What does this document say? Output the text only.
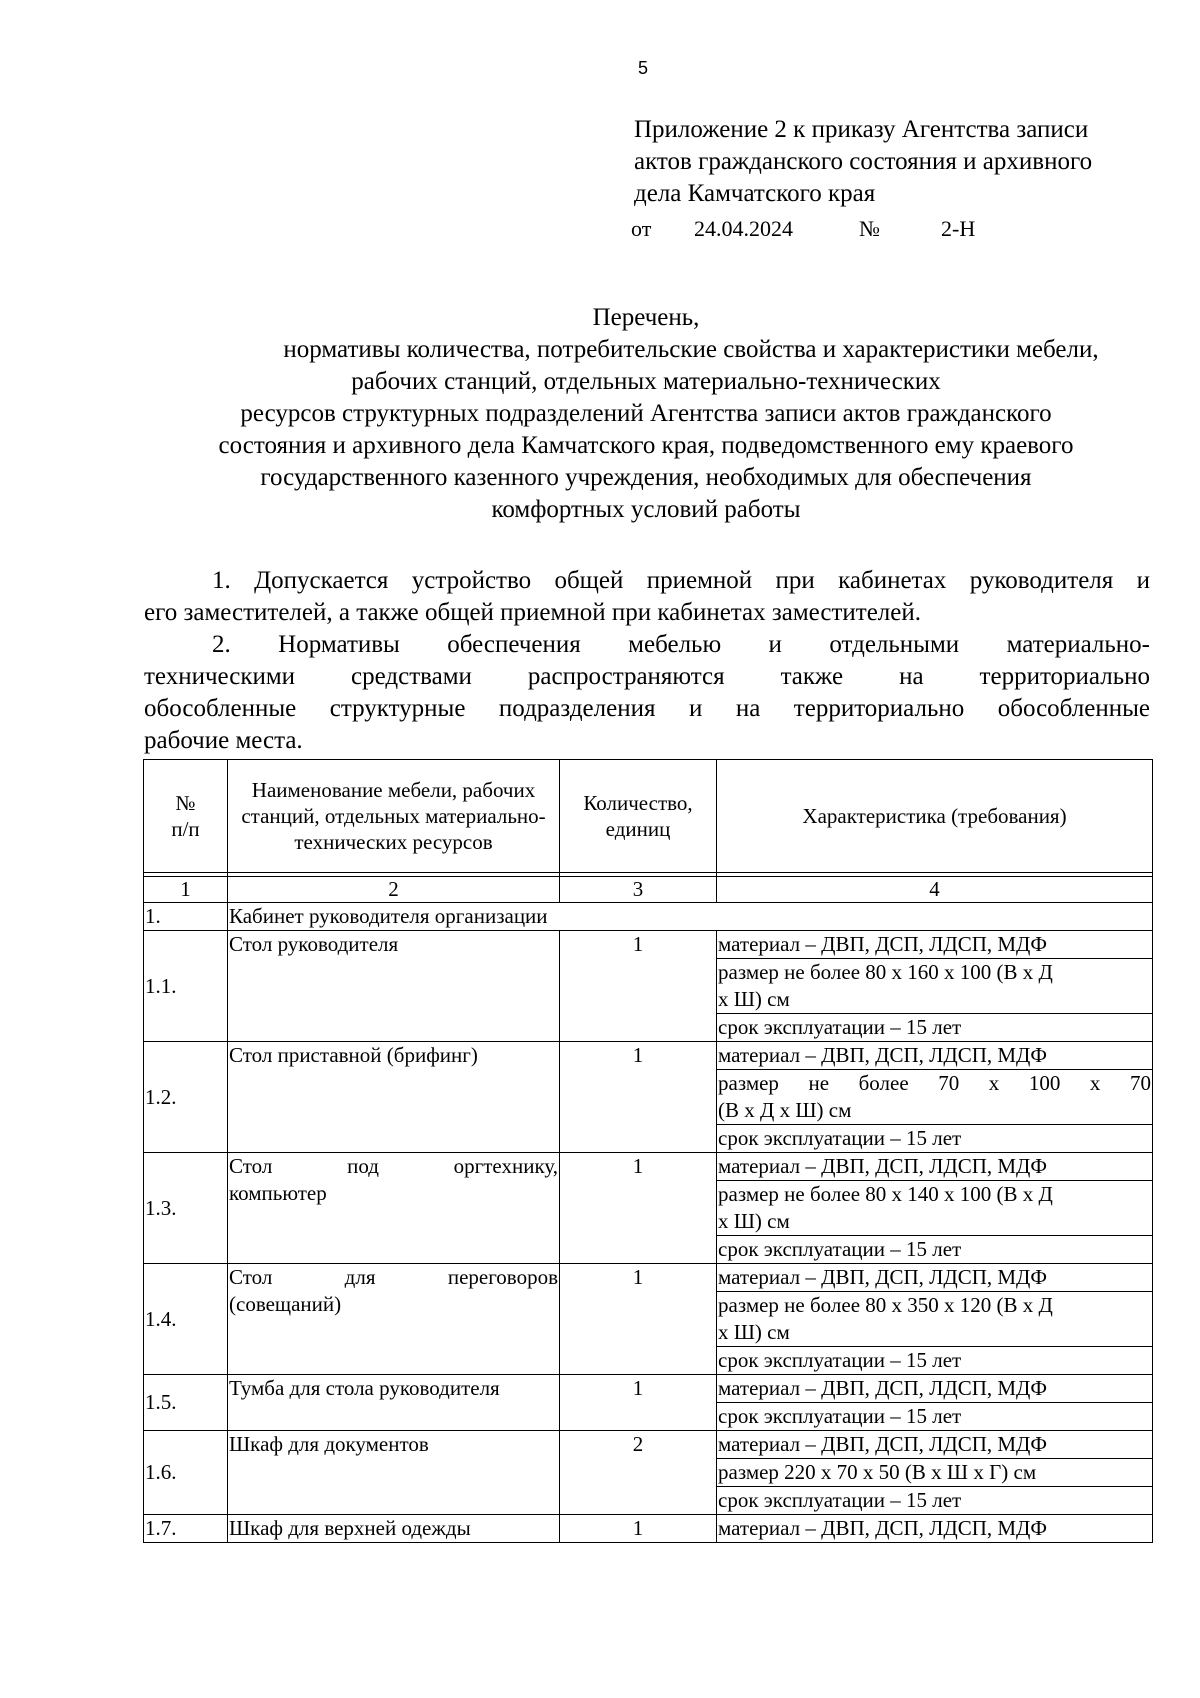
5
Приложение 2 к приказу Агентства записи
актов гражданского состояния и архивного
дела Камчатского края
от 24.04.2024	№	2-Н
Перечень,
нормативы количества, потребительские свойства и характеристики мебели,
рабочих станций, отдельных материально-технических
ресурсов структурных подразделений Агентства записи актов гражданского
состояния и архивного дела Камчатского края, подведомственного ему краевого
государственного казенного учреждения, необходимых для обеспечения
комфортных условий работы
1. Допускается устройство общей приемной при кабинетах руководителя и
его заместителей, а также общей приемной при кабинетах заместителей.
2. Нормативы обеспечения мебелью и отдельными материально-
техническими средствами распространяются также на территориально
обособленные структурные подразделения и на территориально обособленные
рабочие места.
№
п/п	Наименование мебели, рабочих станций, отдельных материально-технических ресурсов	Количество, единиц	Характеристика (требования)

1	2	3	4
1.	Кабинет руководителя организации		
1.1.	Стол руководителя	1	материал – ДВП, ДСП, ЛДСП, МДФ
			размер не более 80 х 160 х 100 (В х Д х Ш) см
			срок эксплуатации – 15 лет
1.2.	Стол приставной (брифинг)	1	материал – ДВП, ДСП, ЛДСП, МДФ

			размер не более 70 х 100 х 70
(В х Д х Ш) см

			срок эксплуатации – 15 лет
1.3.	Стол под оргтехнику,
компьютер	1	материал – ДВП, ДСП, ЛДСП, МДФ
			размер не более 80 х 140 х 100 (В х Д х Ш) см
			срок эксплуатации – 15 лет
1.4.	Стол для переговоров
(совещаний)	1	материал – ДВП, ДСП, ЛДСП, МДФ
			размер не более 80 х 350 х 120 (В х Д х Ш) см
			срок эксплуатации – 15 лет
1.5.	Тумба для стола руководителя	1	материал – ДВП, ДСП, ЛДСП, МДФ
			срок эксплуатации – 15 лет
1.6.	Шкаф для документов	2	материал – ДВП, ДСП, ЛДСП, МДФ
			размер 220 х 70 х 50 (В х Ш х Г) см
			срок эксплуатации – 15 лет
1.7.	Шкаф для верхней одежды	1	материал – ДВП, ДСП, ЛДСП, МДФ
